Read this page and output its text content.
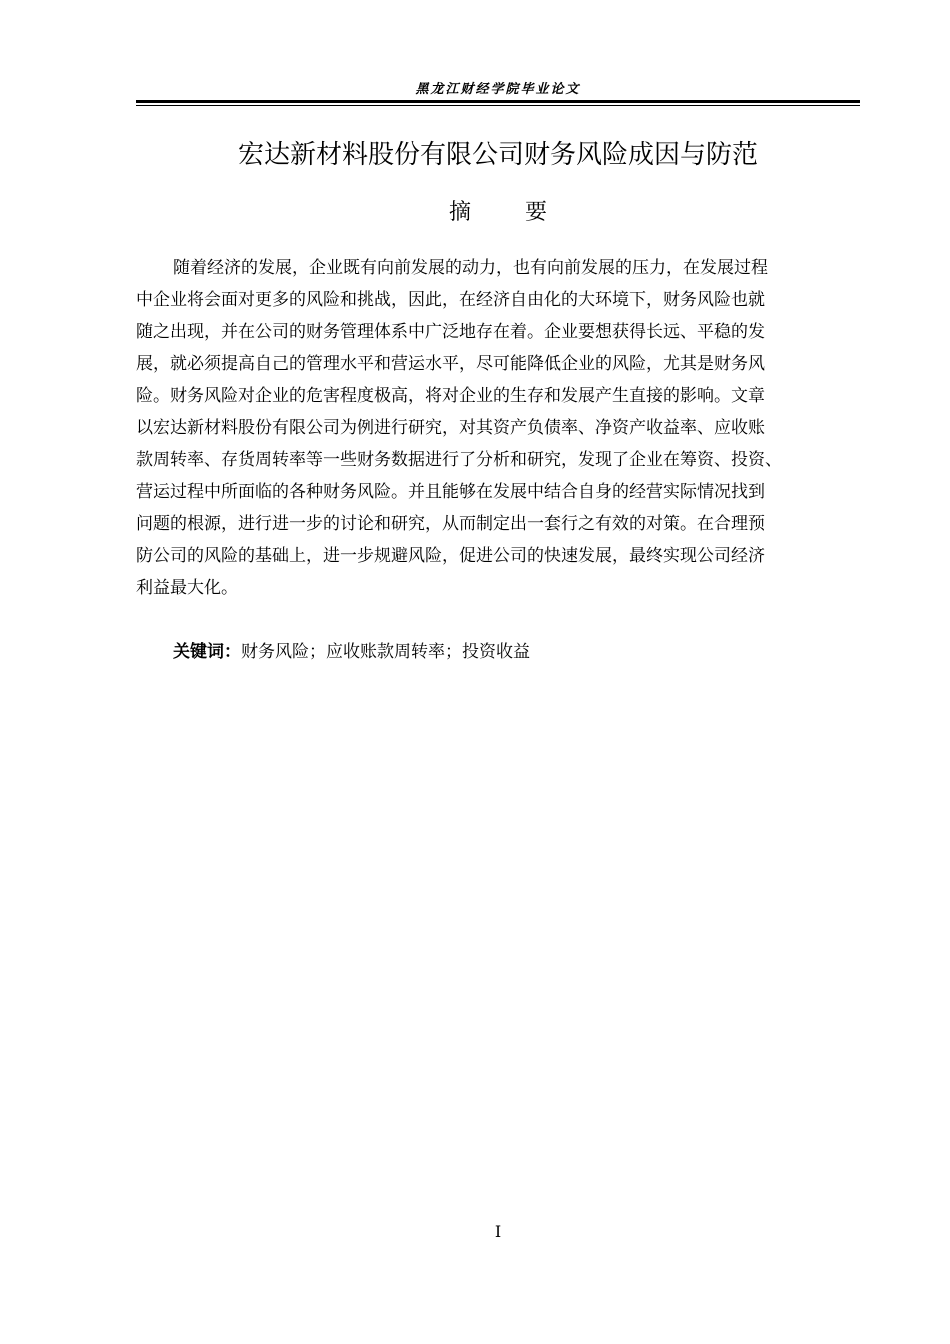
黑龙江财经学院毕业论文
宏达新材料股份有限公司财务风险成因与防范
摘 要
随着经济的发展，企业既有向前发展的动力，也有向前发展的压力，在发展过程
中企业将会面对更多的风险和挑战，因此，在经济自由化的大环境下，财务风险也就
随之出现，并在公司的财务管理体系中广泛地存在着。企业要想获得长远、平稳的发
展，就必须提高自己的管理水平和营运水平，尽可能降低企业的风险，尤其是财务风
险。财务风险对企业的危害程度极高，将对企业的生存和发展产生直接的影响。文章
以宏达新材料股份有限公司为例进行研究，对其资产负债率、净资产收益率、应收账
款周转率、存货周转率等一些财务数据进行了分析和研究，发现了企业在筹资、投资、
营运过程中所面临的各种财务风险。并且能够在发展中结合自身的经营实际情况找到
问题的根源，进行进一步的讨论和研究，从而制定出一套行之有效的对策。在合理预
防公司的风险的基础上，进一步规避风险，促进公司的快速发展，最终实现公司经济
利益最大化。
关键词：财务风险；应收账款周转率；投资收益
I
